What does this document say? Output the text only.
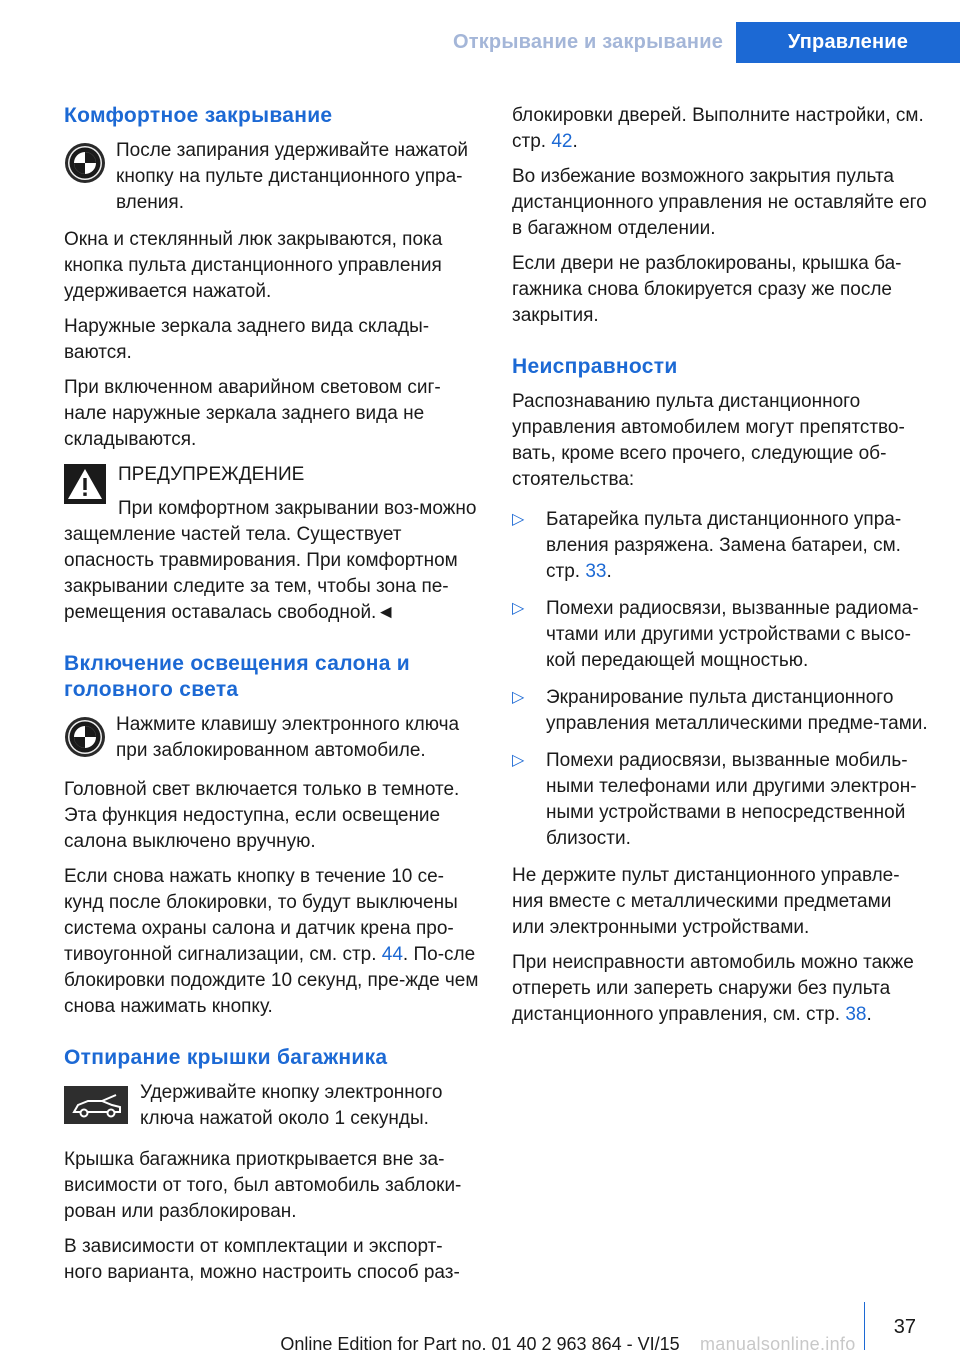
Открывание и закрывание	Управление
Комфортное закрывание
После запирания удерживайте нажатой кнопку на пульте дистанционного упра-вления.
Окна и стеклянный люк закрываются, пока кнопка пульта дистанционного управления удерживается нажатой.
Наружные зеркала заднего вида склады-ваются.
При включенном аварийном световом сиг-нале наружные зеркала заднего вида не складываются.
ПРЕДУПРЕЖДЕНИЕ
При комфортном закрывании воз-можно защемление частей тела. Существует опасность травмирования. При комфортном закрывании следите за тем, чтобы зона пе-ремещения оставалась свободной.◄
Включение освещения салона и головного света
Нажмите клавишу электронного ключа при заблокированном автомобиле.
Головной свет включается только в темноте. Эта функция недоступна, если освещение салона выключено вручную.
Если снова нажать кнопку в течение 10 се-кунд после блокировки, то будут выключены система охраны салона и датчик крена про-тивоугонной сигнализации, см. стр. 44. По-сле блокировки подождите 10 секунд, пре-жде чем снова нажимать кнопку.
Отпирание крышки багажника
Удерживайте кнопку электронного ключа нажатой около 1 секунды.
Крышка багажника приоткрывается вне за-висимости от того, был автомобиль заблоки-рован или разблокирован.
В зависимости от комплектации и экспорт-ного варианта, можно настроить способ раз-
блокировки дверей. Выполните настройки, см. стр. 42.
Во избежание возможного закрытия пульта дистанционного управления не оставляйте его в багажном отделении.
Если двери не разблокированы, крышка ба-гажника снова блокируется сразу же после закрытия.
Неисправности
Распознаванию пульта дистанционного управления автомобилем могут препятство-вать, кроме всего прочего, следующие об-стоятельства:
▷ Батарейка пульта дистанционного упра-вления разряжена. Замена батареи, см. стр. 33.
▷ Помехи радиосвязи, вызванные радиома-чтами или другими устройствами с высо-кой передающей мощностью.
▷ Экранирование пульта дистанционного управления металлическими предме-тами.
▷ Помехи радиосвязи, вызванные мобиль-ными телефонами или другими электрон-ными устройствами в непосредственной близости.
Не держите пульт дистанционного управле-ния вместе с металлическими предметами или электронными устройствами.
При неисправности автомобиль можно также отпереть или запереть снаружи без пульта дистанционного управления, см. стр. 38.
37
Online Edition for Part no. 01 40 2 963 864 - VI/15	manualsonline.info
